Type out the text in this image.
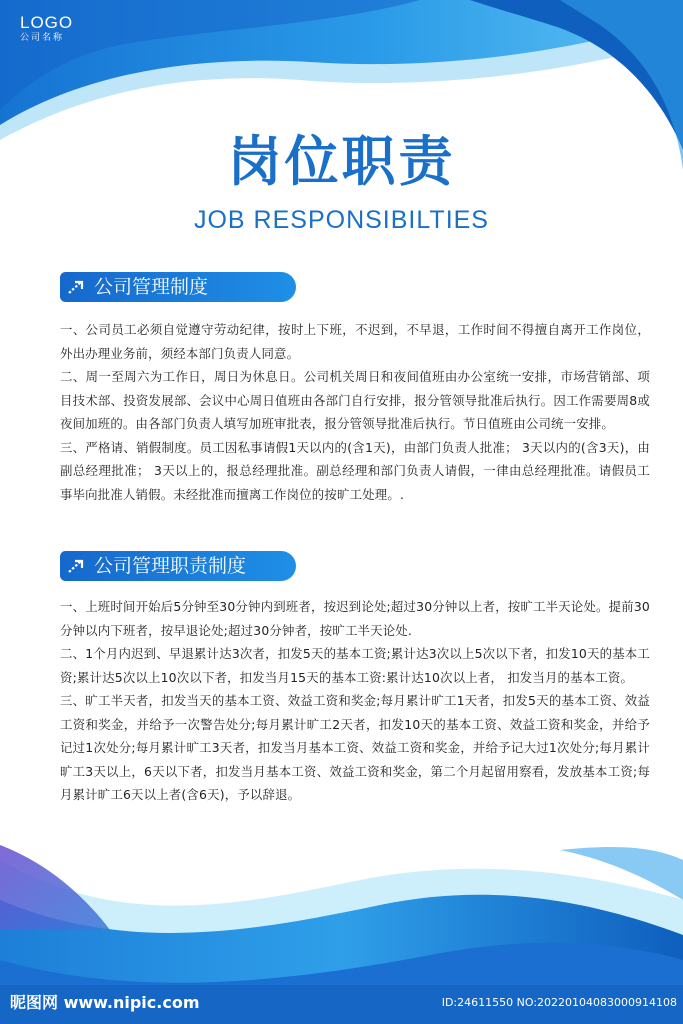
LOGO
公司名称
岗位职责
JOB RESPONSIBILTIES
公司管理制度

一、公司员工必须自觉遵守劳动纪律，按时上下班，不迟到，不早退，工作时间不得擅自离开工作岗位，外出办理业务前，须经本部门负责人同意。

二、周一至周六为工作日，周日为休息日。公司机关周日和夜间值班由办公室统一安排，市场营销部、项目技术部、投资发展部、会议中心周日值班由各部门自行安排，报分管领导批准后执行。因工作需要周8或夜间加班的。由各部门负责人填写加班审批表，报分管领导批准后执行。节日值班由公司统一安排。

三、严格请、销假制度。员工因私事请假1天以内的(含1天)，由部门负责人批准； 3天以内的(含3天)，由副总经理批准； 3天以上的，报总经理批准。副总经理和部门负责人请假，一律由总经理批准。请假员工事毕向批准人销假。未经批准而擅离工作岗位的按旷工处理。.

公司管理职责制度

一、上班时间开始后5分钟至30分钟内到班者，按迟到论处;超过30分钟以上者，按旷工半天论处。提前30分钟以内下班者，按早退论处;超过30分钟者，按旷工半天论处.

二、1个月内迟到、早退累计达3次者，扣发5天的基本工资;累计达3次以上5次以下者，扣发10天的基本工资;累计达5次以上10次以下者，扣发当月15天的基本工资:累计达10次以上者， 扣发当月的基本工资。

三、旷工半天者，扣发当天的基本工资、效益工资和奖金;每月累计旷工1天者，扣发5天的基本工资、效益工资和奖金，并给予一次警告处分;每月累计旷工2天者，扣发10天的基本工资、效益工资和奖金，并给予记过1次处分;每月累计旷工3天者，扣发当月基本工资、效益工资和奖金，并给予记大过1次处分;每月累计旷工3天以上，6天以下者，扣发当月基本工资、效益工资和奖金，第二个月起留用察看，发放基本工资;每月累计旷工6天以上者(含6天)，予以辞退。

昵图网 www.nipic.com	ID:24611550 NO:20220104083000914108
